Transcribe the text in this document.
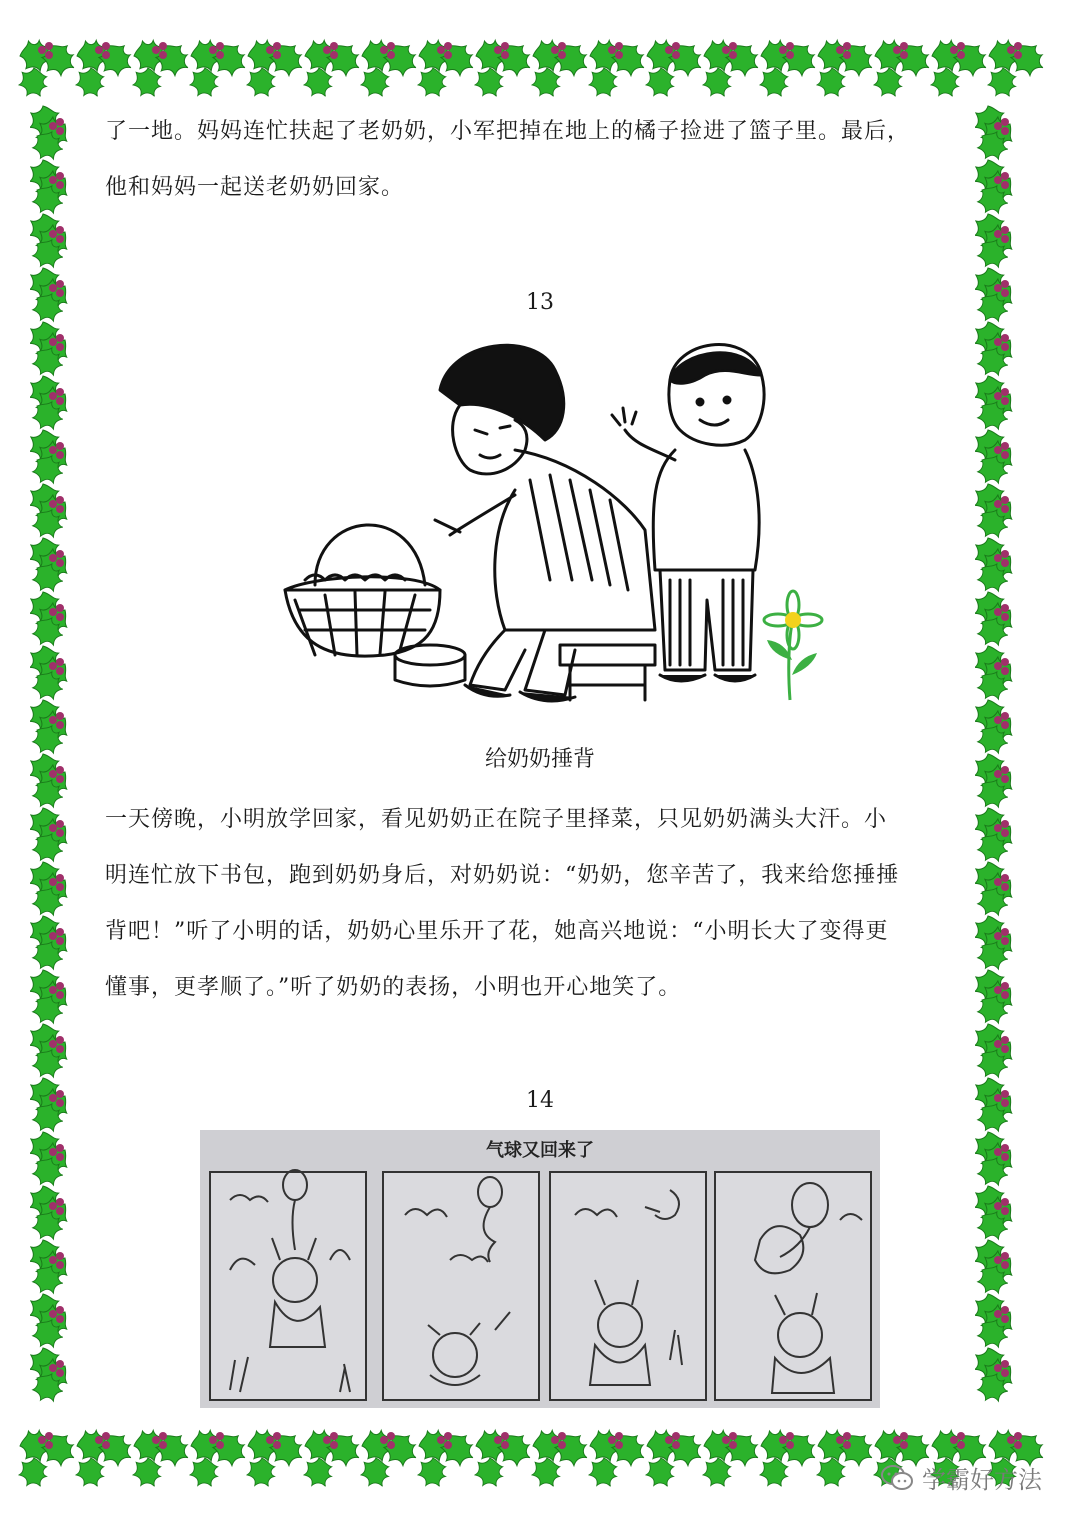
了一地。妈妈连忙扶起了老奶奶，小军把掉在地上的橘子捡进了篮子里。最后，
他和妈妈一起送老奶奶回家。
13
给奶奶捶背
一天傍晚，小明放学回家，看见奶奶正在院子里择菜，只见奶奶满头大汗。小
明连忙放下书包，跑到奶奶身后，对奶奶说：“奶奶，您辛苦了，我来给您捶捶
背吧！”听了小明的话，奶奶心里乐开了花，她高兴地说：“小明长大了变得更
懂事，更孝顺了。”听了奶奶的表扬，小明也开心地笑了。
14
气球又回来了
学霸好方法
